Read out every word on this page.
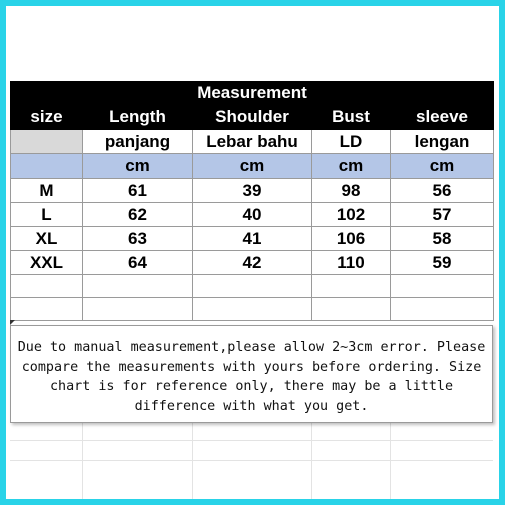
		Measurement		
size	Length	Shoulder	Bust	sleeve
	panjang	Lebar bahu	LD	lengan
	cm	cm	cm	cm
M	61	39	98	56
L	62	40	102	57
XL	63	41	106	58
XXL	64	42	110	59

Due to manual measurement,please allow 2~3cm error. Please compare the measurements with yours before ordering. Size chart is for reference only, there may be a little difference with what you get.
